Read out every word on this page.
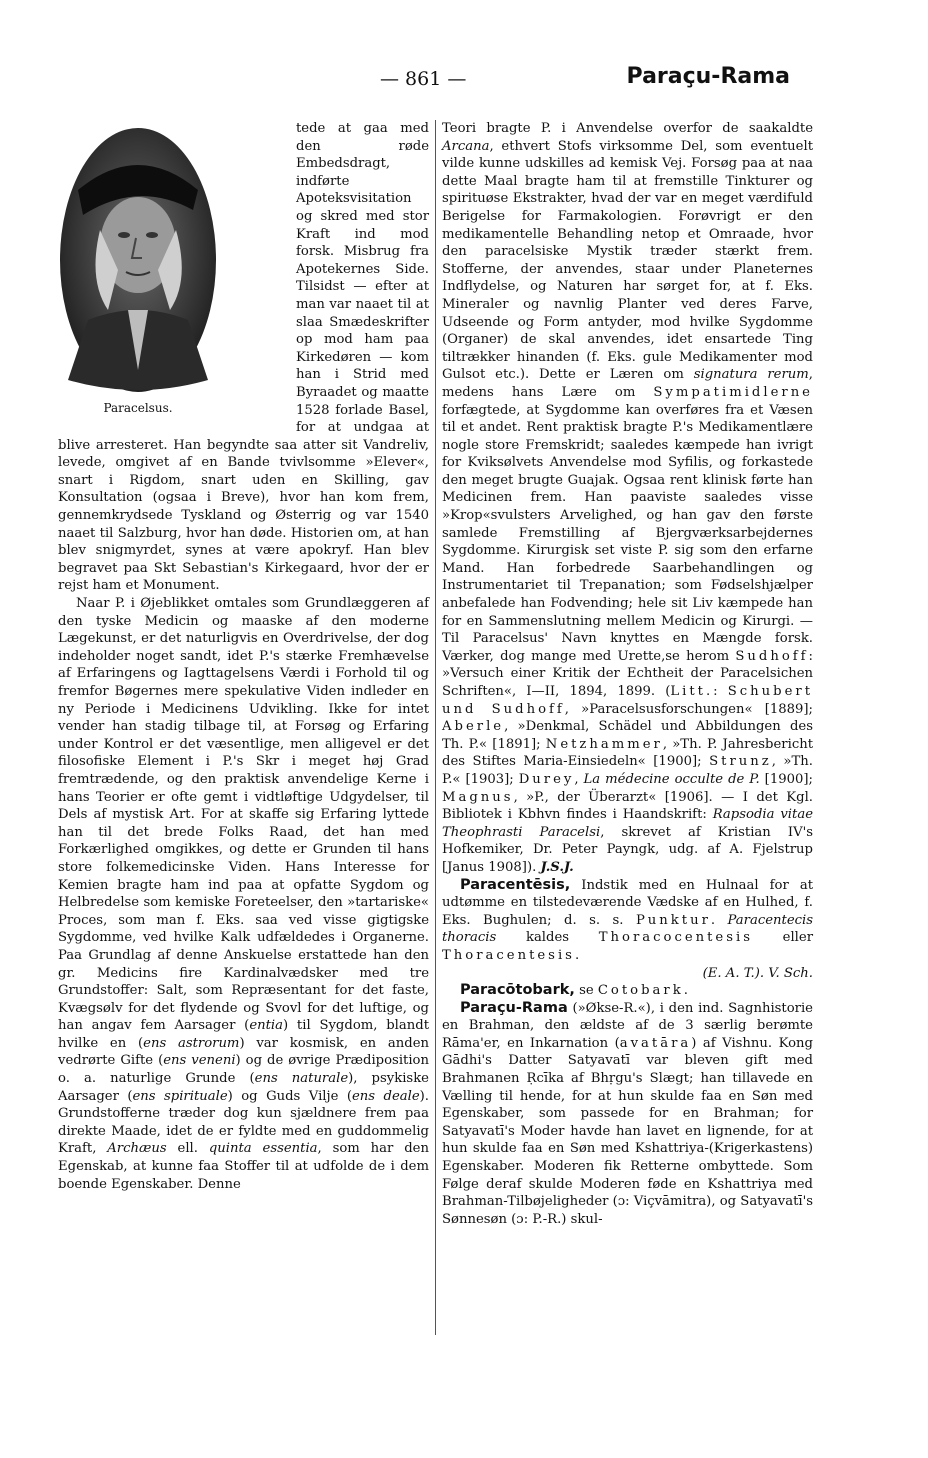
— 861 —	Paraçu-Rama
Paracelsus.

tede at gaa med den røde Embedsdragt, indførte Apoteksvisitation og skred med stor Kraft ind mod forsk. Misbrug fra Apotekernes Side. Tilsidst — efter at man var naaet til at slaa Smædeskrifter op mod ham paa Kirkedøren — kom han i Strid med Byraadet og maatte 1528 forlade Basel, for at undgaa at blive arresteret. Han begyndte saa atter sit Vandreliv, levede, omgivet af en Bande tvivlsomme »Elever«, snart i Rigdom, snart uden en Skilling, gav Konsultation (ogsaa i Breve), hvor han kom frem, gennemkrydsede Tyskland og Østerrig og var 1540 naaet til Salzburg, hvor han døde. Historien om, at han blev snigmyrdet, synes at være apokryf. Han blev begravet paa Skt Sebastian's Kirkegaard, hvor der er rejst ham et Monument.

Naar P. i Øjeblikket omtales som Grundlæggeren af den tyske Medicin og maaske af den moderne Lægekunst, er det naturligvis en Overdrivelse, der dog indeholder noget sandt, idet P.'s stærke Fremhævelse af Erfaringens og Iagttagelsens Værdi i Forhold til og fremfor Bøgernes mere spekulative Viden indleder en ny Periode i Medicinens Udvikling. Ikke for intet vender han stadig tilbage til, at Forsøg og Erfaring under Kontrol er det væsentlige, men alligevel er det filosofiske Element i P.'s Skr i meget høj Grad fremtrædende, og den praktisk anvendelige Kerne i hans Teorier er ofte gemt i vidtløftige Udgydelser, til Dels af mystisk Art. For at skaffe sig Erfaring lyttede han til det brede Folks Raad, det han med Forkærlighed omgikkes, og dette er Grunden til hans store folkemedicinske Viden. Hans Interesse for Kemien bragte ham ind paa at opfatte Sygdom og Helbredelse som kemiske Foreteelser, den »tartariske« Proces, som man f. Eks. saa ved visse gigtigske Sygdomme, ved hvilke Kalk udfældedes i Organerne. Paa Grundlag af denne Anskuelse erstattede han den gr. Medicins fire Kardinalvædsker med tre Grundstoffer: Salt, som Repræsentant for det faste, Kvægsølv for det flydende og Svovl for det luftige, og han angav fem Aarsager (entia) til Sygdom, blandt hvilke en (ens astrorum) var kosmisk, en anden vedrørte Gifte (ens veneni) og de øvrige Prædiposition o. a. naturlige Grunde (ens naturale), psykiske Aarsager (ens spirituale) og Guds Vilje (ens deale). Grundstofferne træder dog kun sjældnere frem paa direkte Maade, idet de er fyldte med en guddommelig Kraft, Archæus ell. quinta essentia, som har den Egenskab, at kunne faa Stoffer til at udfolde de i dem boende Egenskaber. Denne

Teori bragte P. i Anvendelse overfor de saakaldte Arcana, ethvert Stofs virksomme Del, som eventuelt vilde kunne udskilles ad kemisk Vej. Forsøg paa at naa dette Maal bragte ham til at fremstille Tinkturer og spirituøse Ekstrakter, hvad der var en meget værdifuld Berigelse for Farmakologien. Forøvrigt er den medikamentelle Behandling netop et Omraade, hvor den paracelsiske Mystik træder stærkt frem. Stofferne, der anvendes, staar under Planeternes Indflydelse, og Naturen har sørget for, at f. Eks. Mineraler og navnlig Planter ved deres Farve, Udseende og Form antyder, mod hvilke Sygdomme (Organer) de skal anvendes, idet ensartede Ting tiltrækker hinanden (f. Eks. gule Medikamenter mod Gulsot etc.). Dette er Læren om signatura rerum, medens hans Lære om Sympatimidlerne forfægtede, at Sygdomme kan overføres fra et Væsen til et andet. Rent praktisk bragte P.'s Medikamentlære nogle store Fremskridt; saaledes kæmpede han ivrigt for Kviksølvets Anvendelse mod Syfilis, og forkastede den meget brugte Guajak. Ogsaa rent klinisk førte han Medicinen frem. Han paaviste saaledes visse »Krop«svulsters Arvelighed, og han gav den første samlede Fremstilling af Bjergværksarbejdernes Sygdomme. Kirurgisk set viste P. sig som den erfarne Mand. Han forbedrede Saarbehandlingen og Instrumentariet til Trepanation; som Fødselshjælper anbefalede han Fodvending; hele sit Liv kæmpede han for en Sammenslutning mellem Medicin og Kirurgi. — Til Paracelsus' Navn knyttes en Mængde forsk. Værker, dog mange med Urette,se herom Sudhoff: »Versuch einer Kritik der Echtheit der Paracelsichen Schriften«, I—II, 1894, 1899. (Litt.: Schubert und Sudhoff, »Paracelsusforschungen« [1889]; Aberle, »Denkmal, Schädel und Abbildungen des Th. P.« [1891]; Netzhammer, »Th. P. Jahresbericht des Stiftes Maria-Einsiedeln« [1900]; Strunz, »Th. P.« [1903]; Durey, La médecine occulte de P. [1900]; Magnus, »P., der Überarzt« [1906]. — I det Kgl. Bibliotek i Kbhvn findes i Haandskrift: Rapsodia vitae Theophrasti Paracelsi, skrevet af Kristian IV's Hofkemiker, Dr. Peter Payngk, udg. af A. Fjelstrup [Janus 1908]). J.S.J.

Paracentēsis, Indstik med en Hulnaal for at udtømme en tilstedeværende Vædske af en Hulhed, f. Eks. Bughulen; d. s. s. Punktur. Paracentecis thoracis kaldes Thoracocentesis eller Thoracentesis.

(E. A. T.). V. Sch.

Paracōtobark, se Cotobark.

Paraçu-Rama (»Økse-R.«), i den ind. Sagnhistorie en Brahman, den ældste af de 3 særlig berømte Rāma'er, en Inkarnation (avatāra) af Vishnu. Kong Gādhi's Datter Satyavatī var bleven gift med Brahmanen Ṛcīka af Bhṛgu's Slægt; han tillavede en Vælling til hende, for at hun skulde faa en Søn med Egenskaber, som passede for en Brahman; for Satyavatī's Moder havde han lavet en lignende, for at hun skulde faa en Søn med Kshattriya-(Krigerkastens) Egenskaber. Moderen fik Retterne ombyttede. Som Følge deraf skulde Moderen føde en Kshattriya med Brahman-Tilbøjeligheder (ɔ: Viçvāmitra), og Satyavatī's Sønnesøn (ɔ: P.-R.) skul-
